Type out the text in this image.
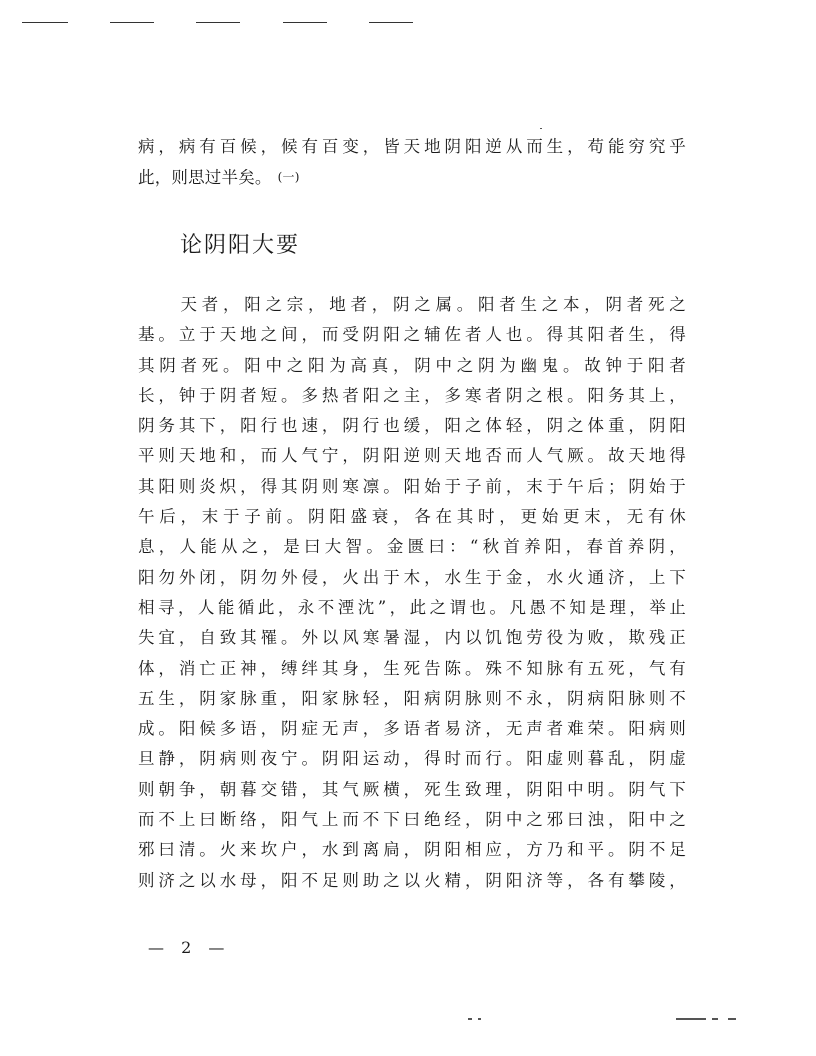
病，病有百候，候有百变，皆天地阴阳逆从而生，苟能穷究乎
此，则思过半矣。 (一)
论阴阳大要
　　天者，阳之宗，地者，阴之属。阳者生之本，阴者死之
基。立于天地之间，而受阴阳之辅佐者人也。得其阳者生，得
其阴者死。阳中之阳为高真，阴中之阴为幽鬼。故钟于阳者
长，钟于阴者短。多热者阳之主，多寒者阴之根。阳务其上，
阴务其下，阳行也速，阴行也缓，阳之体轻，阴之体重，阴阳
平则天地和，而人气宁，阴阳逆则天地否而人气厥。故天地得
其阳则炎炽，得其阴则寒凛。阳始于子前，末于午后；阴始于
午后，末于子前。阴阳盛衰，各在其时，更始更末，无有休
息，人能从之，是曰大智。金匮曰：“秋首养阳，春首养阴，
阳勿外闭，阴勿外侵，火出于木，水生于金，水火通济，上下
相寻，人能循此，永不湮沈”，此之谓也。凡愚不知是理，举止
失宜，自致其罹。外以风寒暑湿，内以饥饱劳役为败，欺残正
体，消亡正神，缚绊其身，生死告陈。殊不知脉有五死，气有
五生，阴家脉重，阳家脉轻，阳病阴脉则不永，阴病阳脉则不
成。阳候多语，阴症无声，多语者易济，无声者难荣。阳病则
旦静，阴病则夜宁。阴阳运动，得时而行。阳虚则暮乱，阴虚
则朝争，朝暮交错，其气厥横，死生致理，阴阳中明。阴气下
而不上曰断络，阳气上而不下曰绝经，阴中之邪曰浊，阳中之
邪曰清。火来坎户，水到离扃，阴阳相应，方乃和平。阴不足
则济之以水母，阳不足则助之以火精，阴阳济等，各有攀陵，
— 2 —
